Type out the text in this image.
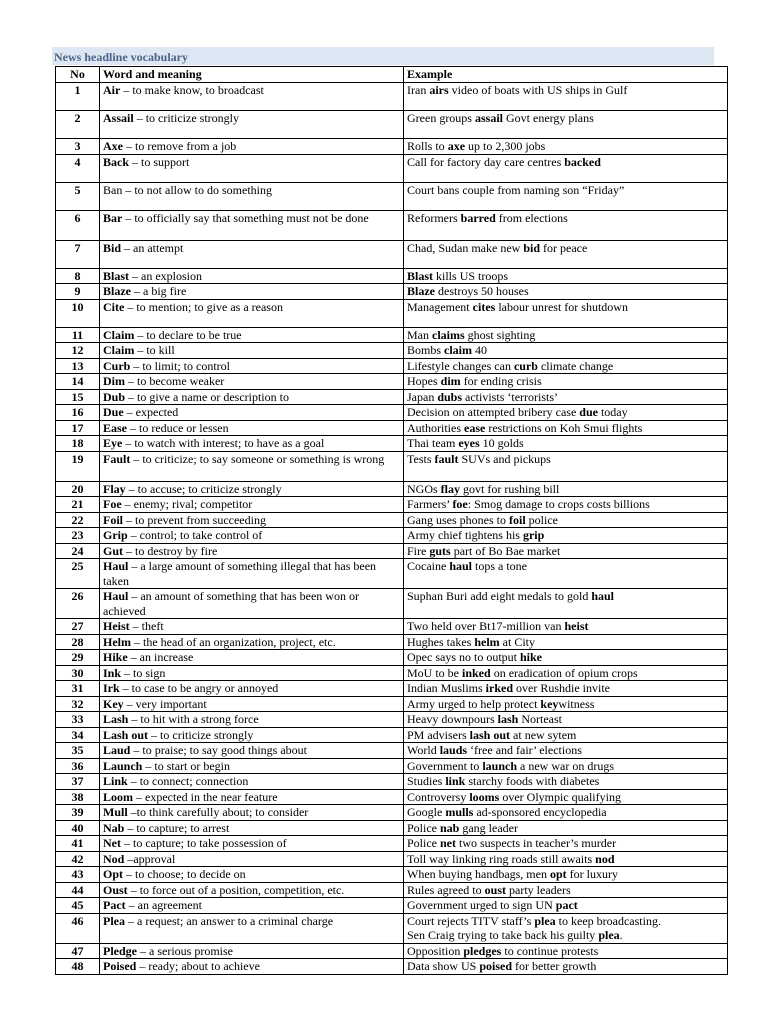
News headline vocabulary
No	Word and meaning	Example
1	Air – to make know, to broadcast	Iran airs video of boats with US ships in Gulf
2	Assail – to criticize strongly	Green groups assail Govt energy plans
3	Axe – to remove from a job	Rolls to axe up to 2,300 jobs
4	Back – to support	Call for factory day care centres backed
5	Ban – to not allow to do something	Court bans couple from naming son “Friday”
6	Bar – to officially say that something must not be done	Reformers barred from elections
7	Bid – an attempt	Chad, Sudan make new bid for peace
8	Blast – an explosion	Blast kills US troops
9	Blaze – a big fire	Blaze destroys 50 houses
10	Cite – to mention; to give as a reason	Management cites labour unrest for shutdown
11	Claim – to declare to be true	Man claims ghost sighting
12	Claim – to kill	Bombs claim 40
13	Curb – to limit; to control	Lifestyle changes can curb climate change
14	Dim – to become weaker	Hopes dim for ending crisis
15	Dub – to give a name or description to	Japan dubs activists ‘terrorists’
16	Due – expected	Decision on attempted bribery case due today
17	Ease – to reduce or lessen	Authorities ease restrictions on Koh Smui flights
18	Eye – to watch with interest; to have as a goal	Thai team eyes 10 golds
19	Fault – to criticize; to say someone or something is wrong	Tests fault SUVs and pickups
20	Flay – to accuse; to criticize strongly	NGOs flay govt for rushing bill
21	Foe – enemy; rival; competitor	Farmers’ foe: Smog damage to crops costs billions
22	Foil – to prevent from succeeding	Gang uses phones to foil police
23	Grip – control; to take control of	Army chief tightens his grip
24	Gut – to destroy by fire	Fire guts part of Bo Bae market
25	Haul – a large amount of something illegal that has been taken	Cocaine haul tops a tone
26	Haul – an amount of something that has been won or achieved	Suphan Buri add eight medals to gold haul
27	Heist – theft	Two held over Bt17-million van heist
28	Helm – the head of an organization, project, etc.	Hughes takes helm at City
29	Hike – an increase	Opec says no to output hike
30	Ink – to sign	MoU to be inked on eradication of opium crops
31	Irk – to case to be angry or annoyed	Indian Muslims irked over Rushdie invite
32	Key – very important	Army urged to help protect keywitness
33	Lash – to hit with a strong force	Heavy downpours lash Norteast
34	Lash out – to criticize strongly	PM advisers lash out at new sytem
35	Laud – to praise; to say good things about	World lauds ‘free and fair’ elections
36	Launch – to start or begin	Government to launch a new war on drugs
37	Link – to connect; connection	Studies link starchy foods with diabetes
38	Loom – expected in the near feature	Controversy looms over Olympic qualifying
39	Mull –to think carefully about; to consider	Google mulls ad-sponsored encyclopedia
40	Nab – to capture; to arrest	Police nab gang leader
41	Net – to capture; to take possession of	Police net two suspects in teacher’s murder
42	Nod –approval	Toll way linking ring roads still awaits nod
43	Opt – to choose; to decide on	When buying handbags, men opt for luxury
44	Oust – to force out of a position, competition, etc.	Rules agreed to oust party leaders
45	Pact – an agreement	Government urged to sign UN pact
46	Plea – a request; an answer to a criminal charge	Court rejects TITV staff’s plea to keep broadcasting.
Sen Craig trying to take back his guilty plea.
47	Pledge – a serious promise	Opposition pledges to continue protests
48	Poised – ready; about to achieve	Data show US poised for better growth
